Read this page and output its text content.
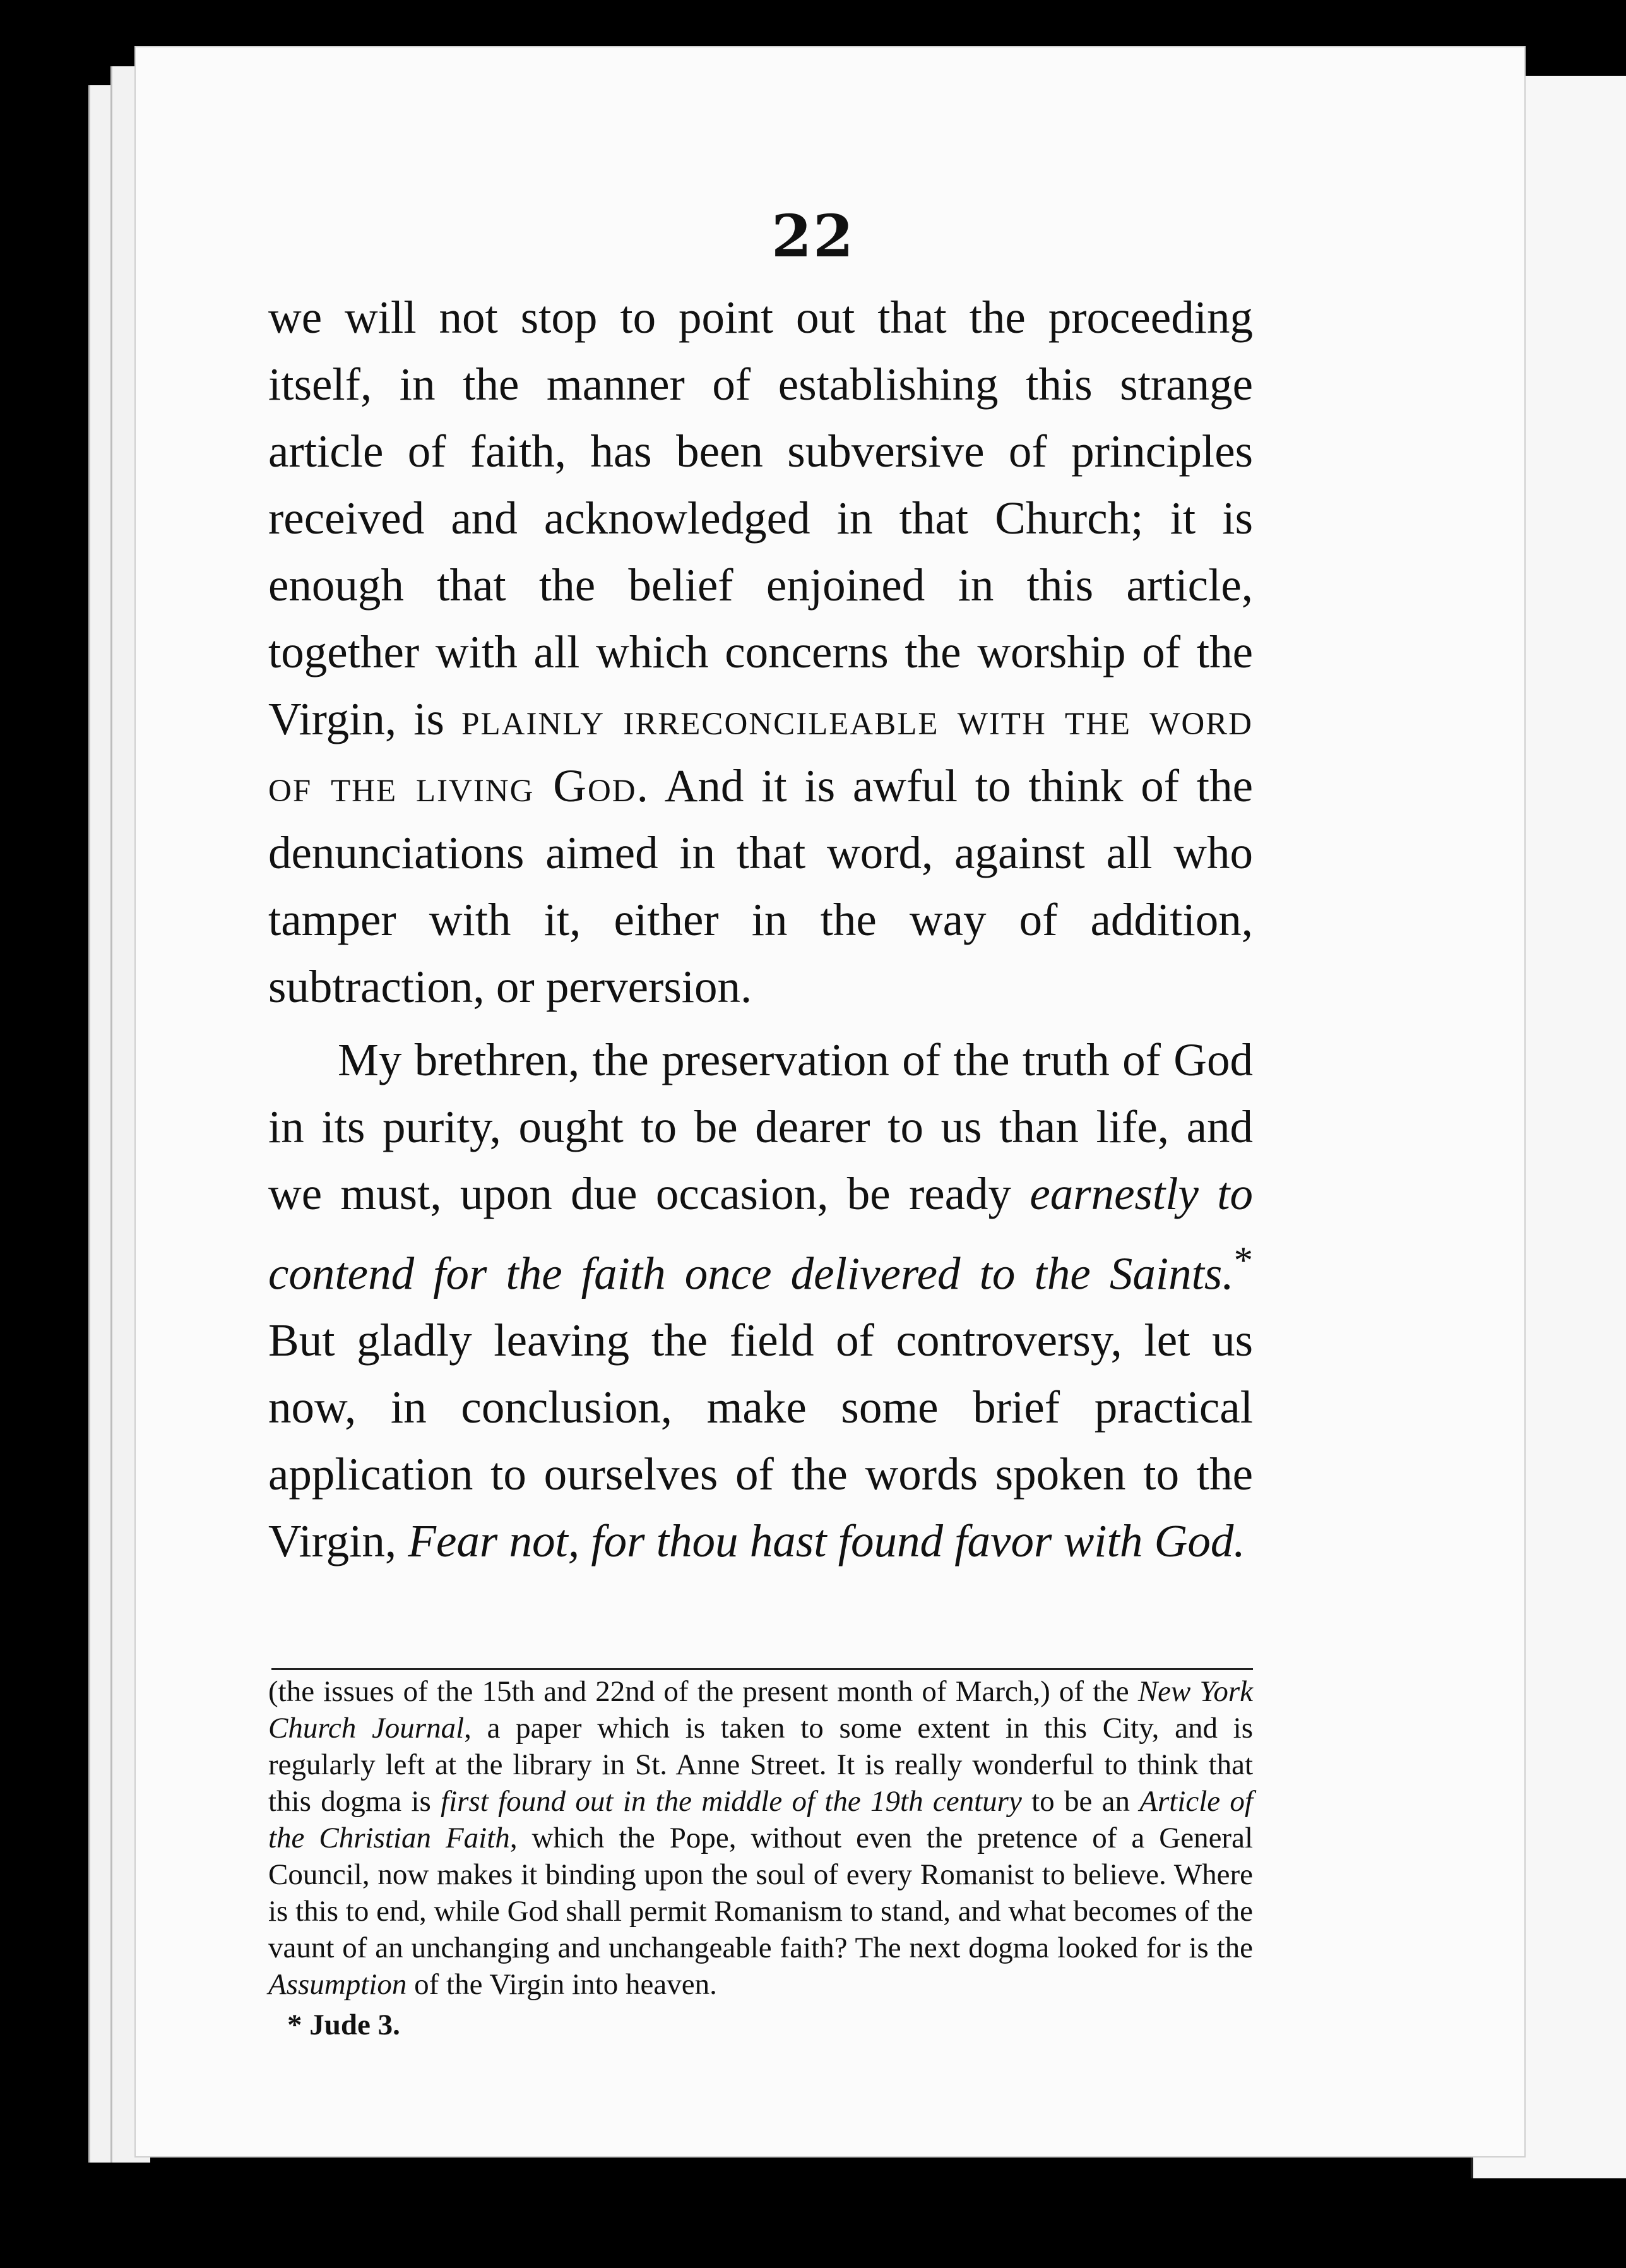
22

we will not stop to point out that the proceeding itself, in the manner of establishing this strange article of faith, has been subversive of principles received and acknowledged in that Church; it is enough that the belief enjoined in this article, together with all which concerns the worship of the Virgin, is plainly irreconcileable with the word of the living God. And it is awful to think of the denunciations aimed in that word, against all who tamper with it, either in the way of addition, subtraction, or perversion.

My brethren, the preservation of the truth of God in its purity, ought to be dearer to us than life, and we must, upon due occasion, be ready earnestly to contend for the faith once delivered to the Saints.* But gladly leaving the field of controversy, let us now, in conclusion, make some brief practical application to ourselves of the words spoken to the Virgin, Fear not, for thou hast found favor with God.

(the issues of the 15th and 22nd of the present month of March,) of the New York Church Journal, a paper which is taken to some extent in this City, and is regularly left at the library in St. Anne Street. It is really wonderful to think that this dogma is first found out in the middle of the 19th century to be an Article of the Christian Faith, which the Pope, without even the pretence of a General Council, now makes it binding upon the soul of every Romanist to believe. Where is this to end, while God shall permit Romanism to stand, and what becomes of the vaunt of an unchanging and unchangeable faith? The next dogma looked for is the Assumption of the Virgin into heaven.

* Jude 3.
